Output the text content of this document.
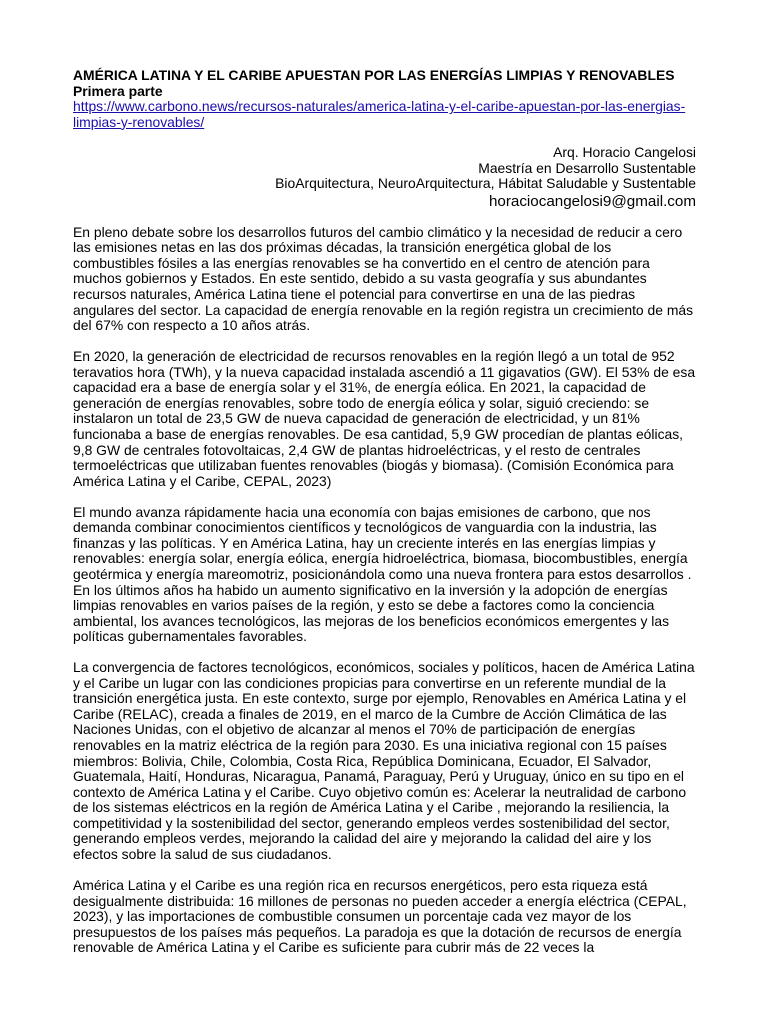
AMÉRICA LATINA Y EL CARIBE APUESTAN POR LAS ENERGÍAS LIMPIAS Y RENOVABLES
Primera parte
https://www.carbono.news/recursos-naturales/america-latina-y-el-caribe-apuestan-por-las-energias-limpias-y-renovables/
Arq. Horacio Cangelosi
Maestría en Desarrollo Sustentable
BioArquitectura, NeuroArquitectura, Hábitat Saludable y Sustentable
horaciocangelosi9@gmail.com

En pleno debate sobre los desarrollos futuros del cambio climático y la necesidad de reducir a cero las emisiones netas en las dos próximas décadas, la transición energética global de los combustibles fósiles a las energías renovables se ha convertido en el centro de atención para muchos gobiernos y Estados. En este sentido, debido a su vasta geografía y sus abundantes recursos naturales, América Latina tiene el potencial para convertirse en una de las piedras angulares del sector. La capacidad de energía renovable en la región registra un crecimiento de más del 67% con respecto a 10 años atrás.

En 2020, la generación de electricidad de recursos renovables en la región llegó a un total de 952 teravatios hora (TWh), y la nueva capacidad instalada ascendió a 11 gigavatios (GW). El 53% de esa capacidad era a base de energía solar y el 31%, de energía eólica. En 2021, la capacidad de generación de energías renovables, sobre todo de energía eólica y solar, siguió creciendo: se instalaron un total de 23,5 GW de nueva capacidad de generación de electricidad, y un 81% funcionaba a base de energías renovables. De esa cantidad, 5,9 GW procedían de plantas eólicas, 9,8 GW de centrales fotovoltaicas, 2,4 GW de plantas hidroeléctricas, y el resto de centrales termoeléctricas que utilizaban fuentes renovables (biogás y biomasa). (Comisión Económica para América Latina y el Caribe, CEPAL, 2023)

El mundo avanza rápidamente hacia una economía con bajas emisiones de carbono, que nos demanda combinar conocimientos científicos y tecnológicos de vanguardia con la industria, las finanzas y las políticas. Y en América Latina, hay un creciente interés en las energías limpias y renovables: energía solar, energía eólica, energía hidroeléctrica, biomasa, biocombustibles, energía geotérmica y energía mareomotriz, posicionándola como una nueva frontera para estos desarrollos . En los últimos años ha habido un aumento significativo en la inversión y la adopción de energías limpias renovables en varios países de la región, y esto se debe a factores como la conciencia ambiental, los avances tecnológicos, las mejoras de los beneficios económicos emergentes y las políticas gubernamentales favorables.

La convergencia de factores tecnológicos, económicos, sociales y políticos, hacen de América Latina y el Caribe un lugar con las condiciones propicias para convertirse en un referente mundial de la transición energética justa. En este contexto, surge por ejemplo, Renovables en América Latina y el Caribe (RELAC), creada a finales de 2019, en el marco de la Cumbre de Acción Climática de las Naciones Unidas, con el objetivo de alcanzar al menos el 70% de participación de energías renovables en la matriz eléctrica de la región para 2030. Es una iniciativa regional con 15 países miembros: Bolivia, Chile, Colombia, Costa Rica, República Dominicana, Ecuador, El Salvador, Guatemala, Haití, Honduras, Nicaragua, Panamá, Paraguay, Perú y Uruguay, único en su tipo en el contexto de América Latina y el Caribe. Cuyo objetivo común es: Acelerar la neutralidad de carbono de los sistemas eléctricos en la región de América Latina y el Caribe , mejorando la resiliencia, la competitividad y la sostenibilidad del sector, generando empleos verdes sostenibilidad del sector, generando empleos verdes, mejorando la calidad del aire y mejorando la calidad del aire y los efectos sobre la salud de sus ciudadanos.

América Latina y el Caribe es una región rica en recursos energéticos, pero esta riqueza está desigualmente distribuida: 16 millones de personas no pueden acceder a energía eléctrica (CEPAL, 2023), y las importaciones de combustible consumen un porcentaje cada vez mayor de los presupuestos de los países más pequeños. La paradoja es que la dotación de recursos de energía renovable de América Latina y el Caribe es suficiente para cubrir más de 22 veces la
